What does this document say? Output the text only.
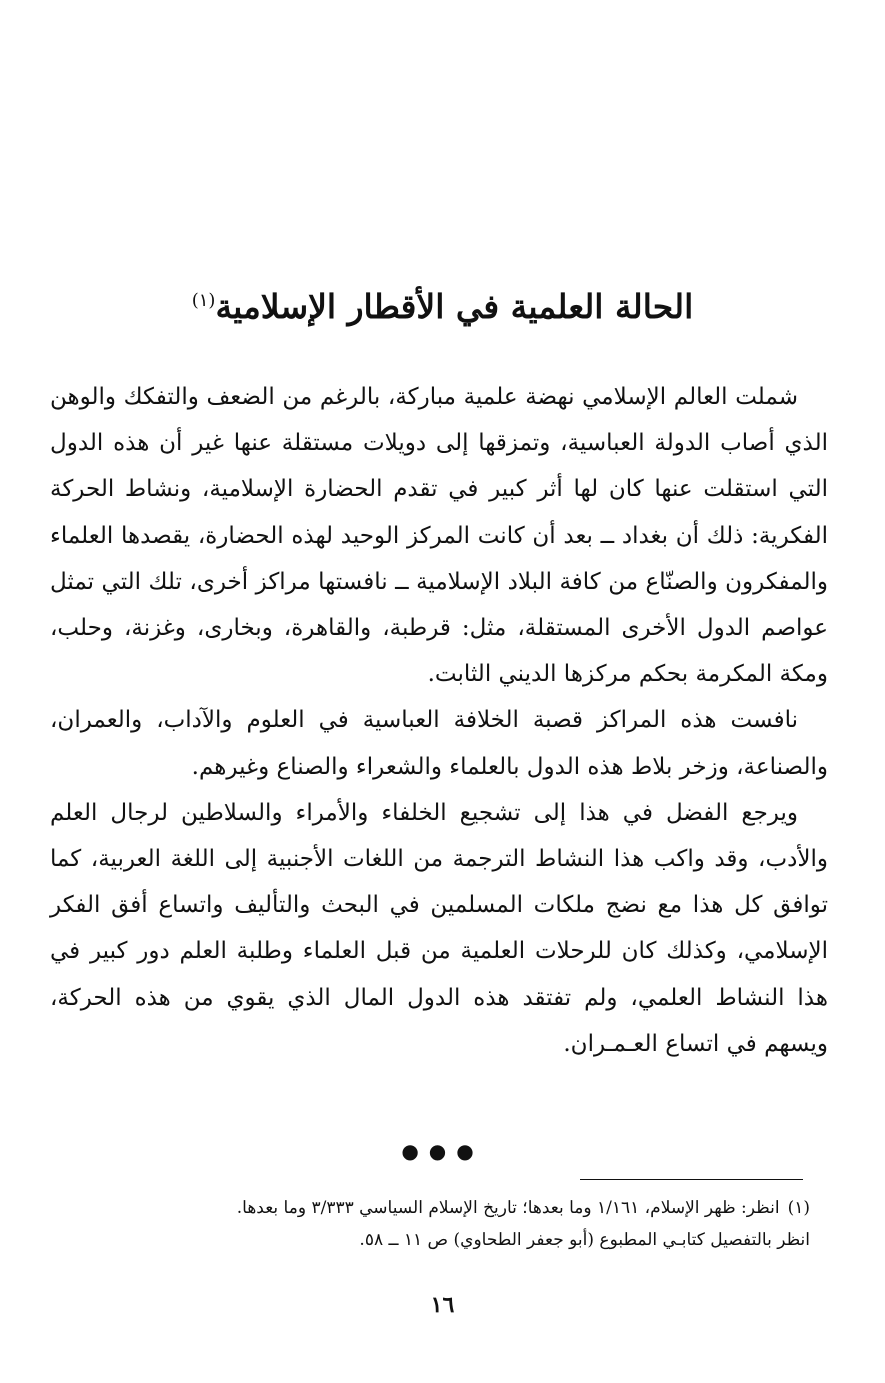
الحالة العلمية في الأقطار الإسلامية$^{(١)}$

شملت العالم الإسلامي نهضة علمية مباركة، بالرغم من الضعف والتفكك والوهن الذي أصاب الدولة العباسية، وتمزقها إلى دويلات مستقلة عنها غير أن هذه الدول التي استقلت عنها كان لها أثر كبير في تقدم الحضارة الإسلامية، ونشاط الحركة الفكرية: ذلك أن بغداد ــ بعد أن كانت المركز الوحيد لهذه الحضارة، يقصدها العلماء والمفكرون والصنّاع من كافة البلاد الإسلامية ــ نافستها مراكز أخرى، تلك التي تمثل عواصم الدول الأخرى المستقلة، مثل: قرطبة، والقاهرة، وبخارى، وغزنة، وحلب، ومكة المكرمة بحكم مركزها الديني الثابت.

نافست هذه المراكز قصبة الخلافة العباسية في العلوم والآداب، والعمران، والصناعة، وزخر بلاط هذه الدول بالعلماء والشعراء والصناع وغيرهم.

ويرجع الفضل في هذا إلى تشجيع الخلفاء والأمراء والسلاطين لرجال العلم والأدب، وقد واكب هذا النشاط الترجمة من اللغات الأجنبية إلى اللغة العربية، كما توافق كل هذا مع نضج ملكات المسلمين في البحث والتأليف واتساع أفق الفكر الإسلامي، وكذلك كان للرحلات العلمية من قبل العلماء وطلبة العلم دور كبير في هذا النشاط العلمي، ولم تفتقد هذه الدول المال الذي يقوي من هذه الحركة، ويسهم في اتساع العـمـران.

●●●

(١)انظر: ظهر الإسلام، ١/١٦١ وما بعدها؛ تاريخ الإسلام السياسي ٣/٣٣٣ وما بعدها.

انظر بالتفصيل كتابـي المطبوع (أبو جعفر الطحاوي) ص ١١ ــ ٥٨.

١٦
